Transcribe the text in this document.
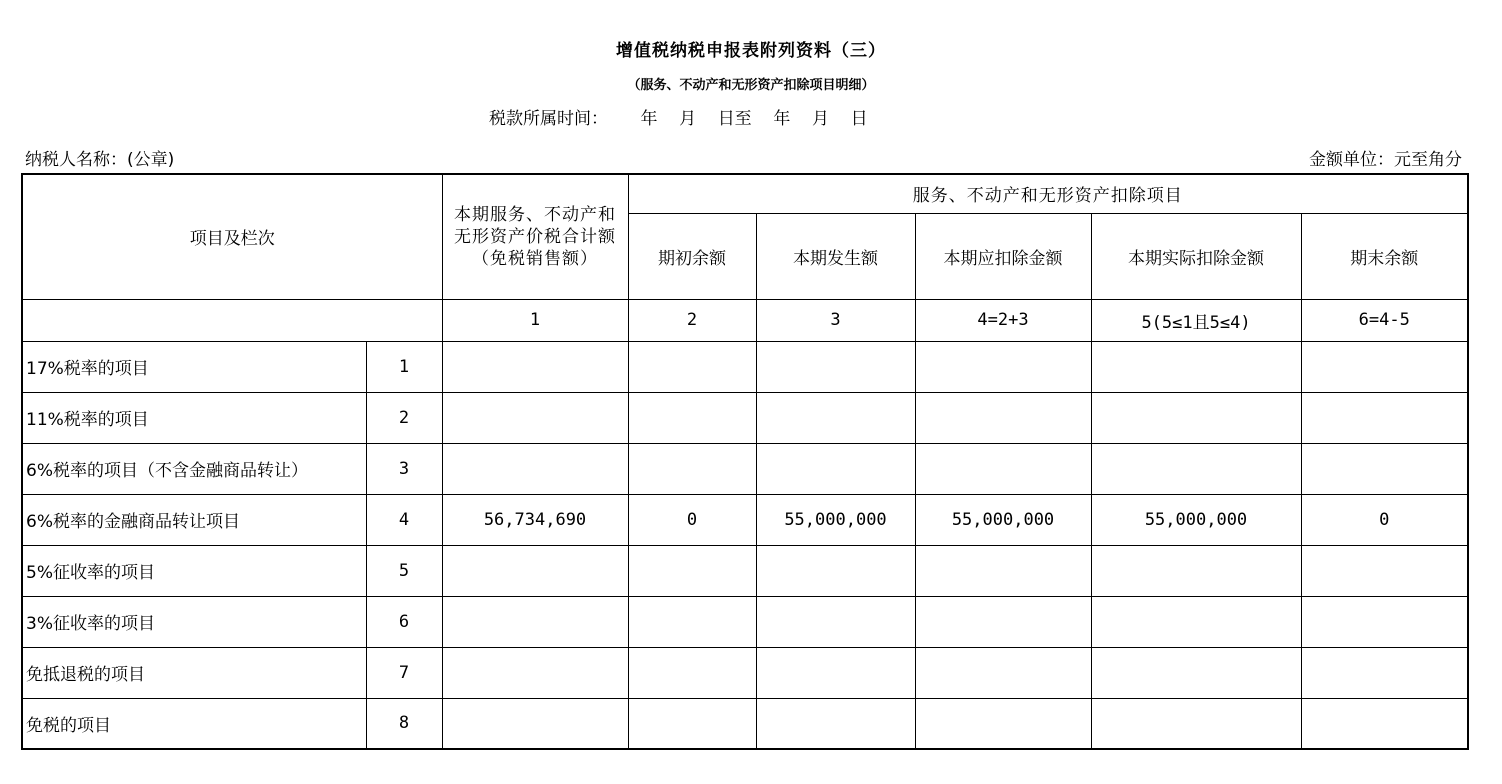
增值税纳税申报表附列资料（三）
（服务、不动产和无形资产扣除项目明细）
税款所属时间： 年 月 日至 年 月 日
纳税人名称：(公章)	金额单位：元至角分
项目及栏次		本期服务、不动产和无形资产价税合计额（免税销售额）	服务、不动产和无形资产扣除项目				
			期初余额	本期发生额	本期应扣除金额	本期实际扣除金额	期末余额
		1	2	3	4=2+3	5(5≤1且5≤4)	6=4-5
17%税率的项目	1						
11%税率的项目	2						
6%税率的项目（不含金融商品转让）	3						
6%税率的金融商品转让项目	4	56,734,690	0	55,000,000	55,000,000	55,000,000	0
5%征收率的项目	5						
3%征收率的项目	6						
免抵退税的项目	7						
免税的项目	8						
